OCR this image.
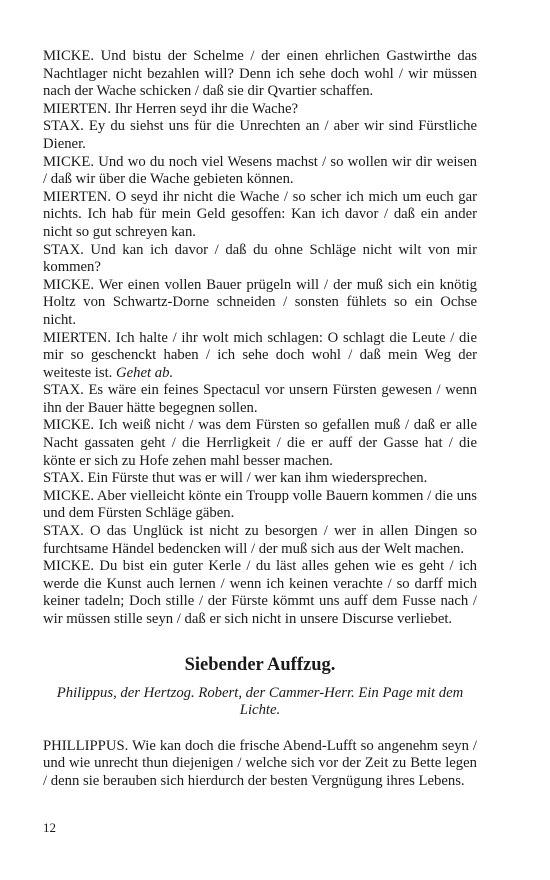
MICKE. Und bistu der Schelme / der einen ehrlichen Gastwirthe das Nachtlager nicht bezahlen will? Denn ich sehe doch wohl / wir müssen nach der Wache schicken / daß sie dir Qvartier schaffen.

MIERTEN. Ihr Herren seyd ihr die Wache?

STAX. Ey du siehst uns für die Unrechten an / aber wir sind Fürstliche Diener.

MICKE. Und wo du noch viel Wesens machst / so wollen wir dir weisen / daß wir über die Wache gebieten können.

MIERTEN. O seyd ihr nicht die Wache / so scher ich mich um euch gar nichts. Ich hab für mein Geld gesoffen: Kan ich davor / daß ein ander nicht so gut schreyen kan.

STAX. Und kan ich davor / daß du ohne Schläge nicht wilt von mir kommen?

MICKE. Wer einen vollen Bauer prügeln will / der muß sich ein knötig Holtz von Schwartz-Dorne schneiden / sonsten fühlets so ein Ochse nicht.

MIERTEN. Ich halte / ihr wolt mich schlagen: O schlagt die Leute / die mir so geschenckt haben / ich sehe doch wohl / daß mein Weg der weiteste ist. Gehet ab.

STAX. Es wäre ein feines Spectacul vor unsern Fürsten gewesen / wenn ihn der Bauer hätte begegnen sollen.

MICKE. Ich weiß nicht / was dem Fürsten so gefallen muß / daß er alle Nacht gassaten geht / die Herrligkeit / die er auff der Gasse hat / die könte er sich zu Hofe zehen mahl besser machen.

STAX. Ein Fürste thut was er will / wer kan ihm wiedersprechen.

MICKE. Aber vielleicht könte ein Troupp volle Bauern kommen / die uns und dem Fürsten Schläge gäben.

STAX. O das Unglück ist nicht zu besorgen / wer in allen Dingen so furchtsame Händel bedencken will / der muß sich aus der Welt machen.

MICKE. Du bist ein guter Kerle / du läst alles gehen wie es geht / ich werde die Kunst auch lernen / wenn ich keinen verachte / so darff mich keiner tadeln; Doch stille / der Fürste kömmt uns auff dem Fusse nach / wir müssen stille seyn / daß er sich nicht in unsere Discurse verliebet.

Siebender Auffzug.
Philippus, der Hertzog. Robert, der Cammer-Herr. Ein Page mit dem Lichte.

PHILLIPPUS. Wie kan doch die frische Abend-Lufft so angenehm seyn / und wie unrecht thun diejenigen / welche sich vor der Zeit zu Bette legen / denn sie berauben sich hierdurch der besten Vergnügung ihres Lebens.

12
